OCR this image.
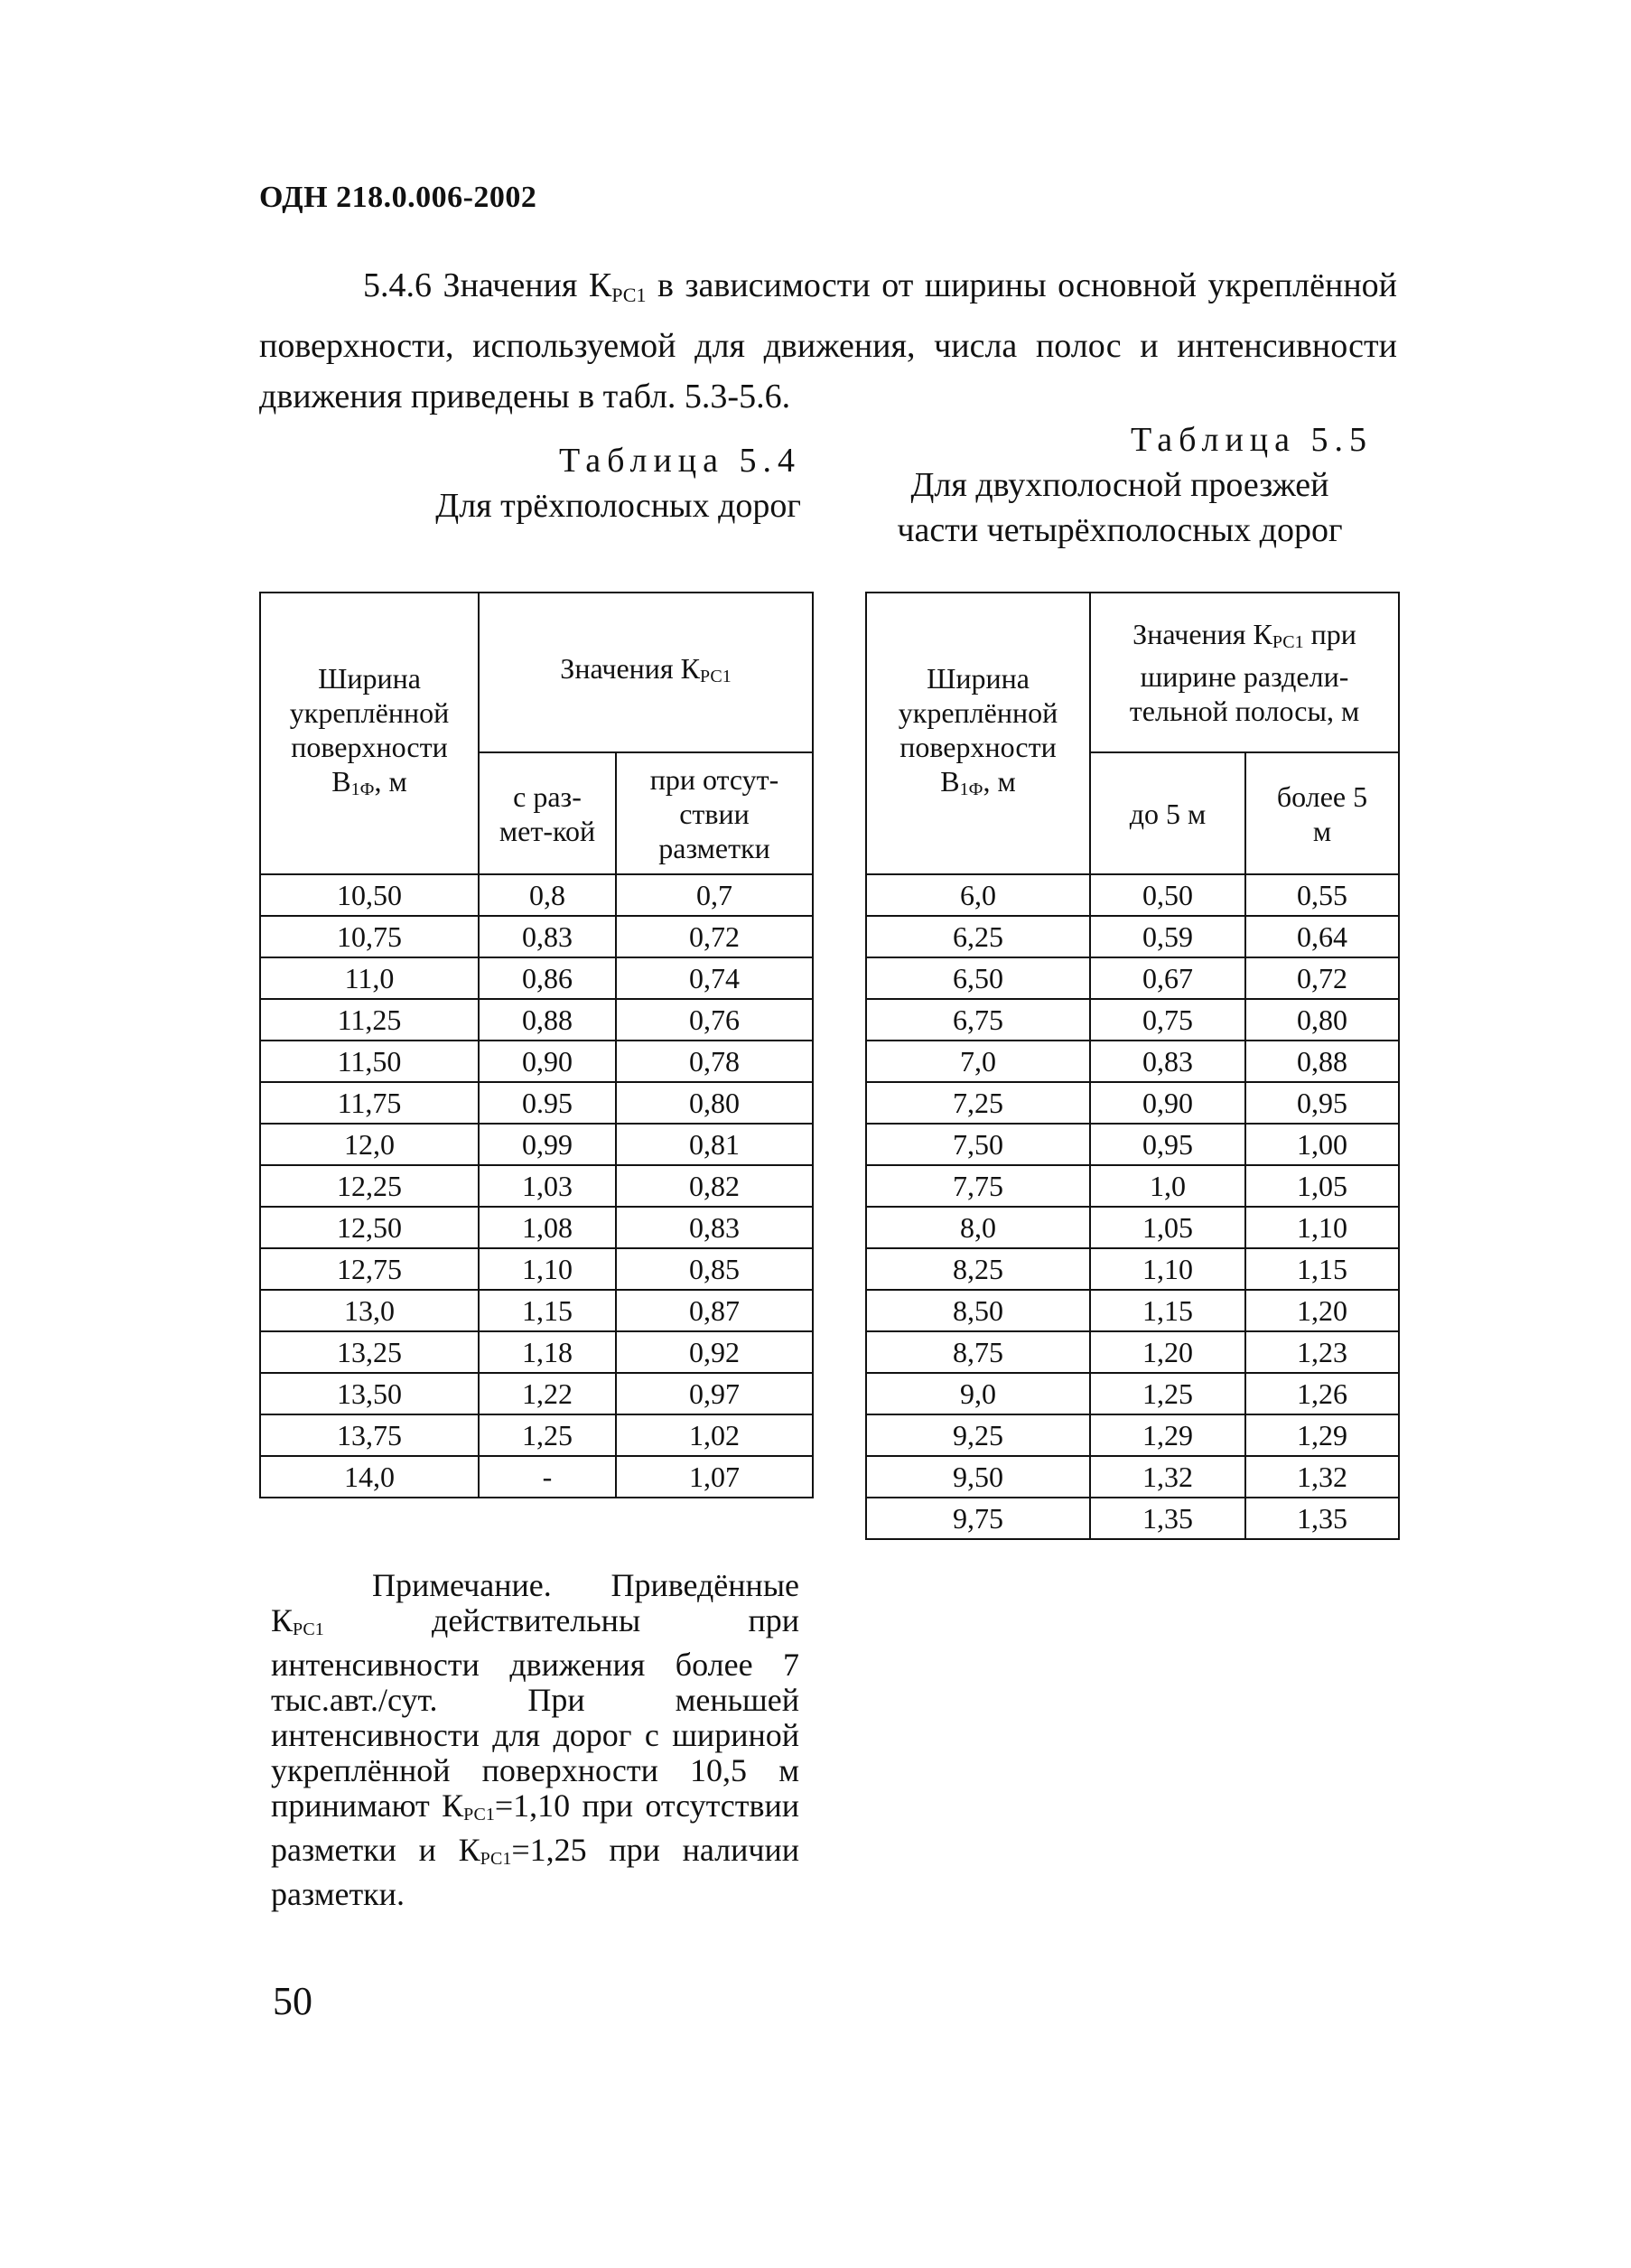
ОДН 218.0.006-2002

5.4.6 Значения $К_{РС1}$ в зависимости от ширины основной укреплённой поверхности, используемой для движения, числа полос и интенсивности движения приведены в табл. 5.3-5.6.

Таблица 5.4
Для трёхполосных дорог
Таблица 5.5
Для двухполосной проезжей части четырёхполосных дорог
Ширина укреплённой поверхности $В_{1Ф}$, м	Значения $К_{РС1}$
	с раз-мет-кой	при отсут-ствии разметки
10,50	0,8	0,7
10,75	0,83	0,72
11,0	0,86	0,74
11,25	0,88	0,76
11,50	0,90	0,78
11,75	0.95	0,80
12,0	0,99	0,81
12,25	1,03	0,82
12,50	1,08	0,83
12,75	1,10	0,85
13,0	1,15	0,87
13,25	1,18	0,92
13,50	1,22	0,97
13,75	1,25	1,02
14,0	-	1,07
Ширина укреплённой поверхности $В_{1Ф}$, м	Значения $К_{РС1}$ при ширине раздели-тельной полосы, м	
	до 5 м	более 5 м
6,0	0,50	0,55
6,25	0,59	0,64
6,50	0,67	0,72
6,75	0,75	0,80
7,0	0,83	0,88
7,25	0,90	0,95
7,50	0,95	1,00
7,75	1,0	1,05
8,0	1,05	1,10
8,25	1,10	1,15
8,50	1,15	1,20
8,75	1,20	1,23
9,0	1,25	1,26
9,25	1,29	1,29
9,50	1,32	1,32
9,75	1,35	1,35

Примечание. Приведённые $К_{РС1}$ действительны при интенсивности движения более 7 тыс.авт./сут. При меньшей интенсивности для дорог с шириной укреплённой поверхности 10,5 м принимают $К_{РС1}=1,10$ при отсутствии разметки и $К_{РС1}=1,25$ при наличии разметки.

50
